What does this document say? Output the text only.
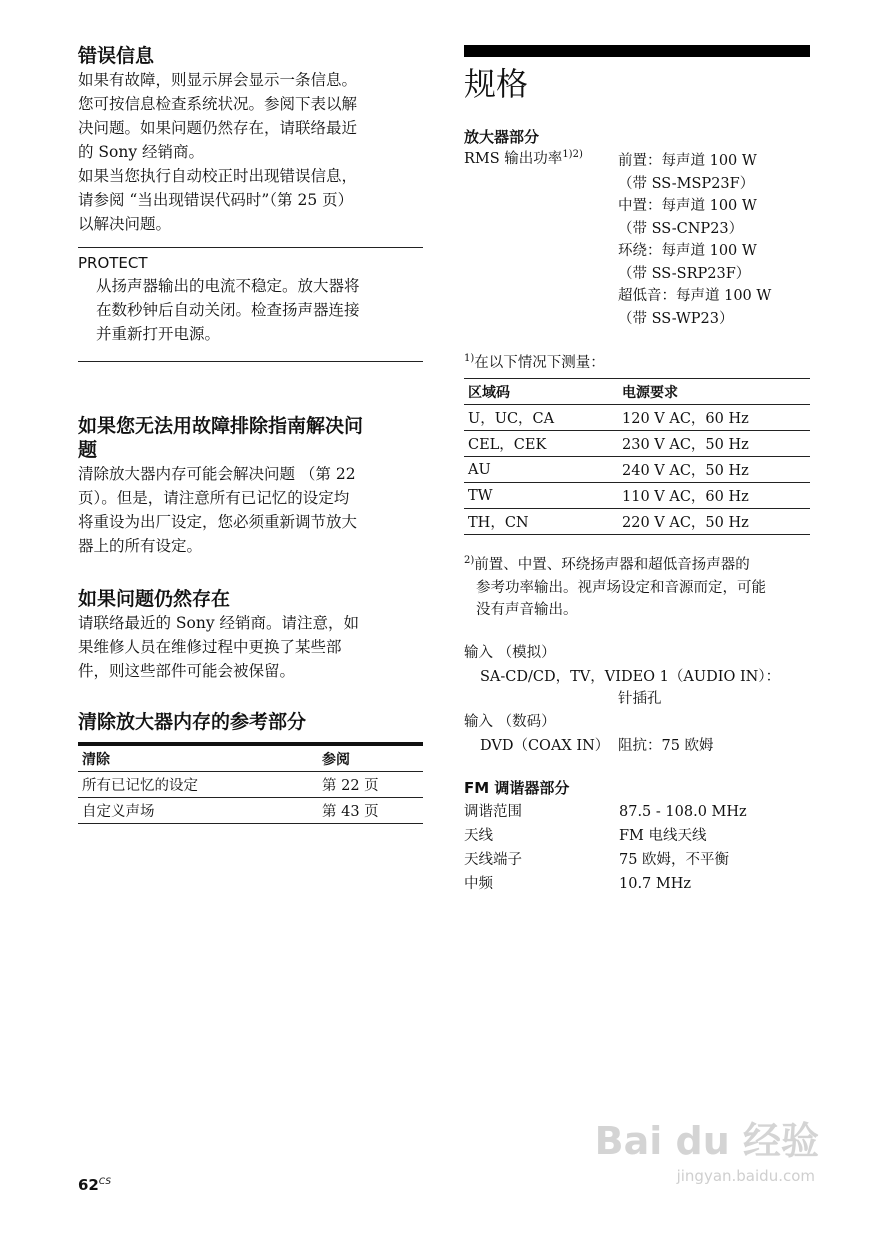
错误信息
如果有故障，则显示屏会显示一条信息。
您可按信息检查系统状况。参阅下表以解
决问题。如果问题仍然存在，请联络最近
的 Sony 经销商。
如果当您执行自动校正时出现错误信息，
请参阅 “当出现错误代码时”（第 25 页）
以解决问题。
PROTECT
从扬声器输出的电流不稳定。放大器将
在数秒钟后自动关闭。检查扬声器连接
并重新打开电源。
如果您无法用故障排除指南解决问
题
清除放大器内存可能会解决问题 （第 22
页）。但是，请注意所有已记忆的设定均
将重设为出厂设定，您必须重新调节放大
器上的所有设定。
如果问题仍然存在
请联络最近的 Sony 经销商。请注意，如
果维修人员在维修过程中更换了某些部
件，则这些部件可能会被保留。
清除放大器内存的参考部分
清除	参阅
所有已记忆的设定	第 22 页
自定义声场	第 43 页
$62^{CS}$
规格
放大器部分
RMS 输出功率$^{1)2)}$ 前置：每声道 100 W
（带 SS-MSP23F）
中置：每声道 100 W
（带 SS-CNP23）
环绕：每声道 100 W
（带 SS-SRP23F）
超低音：每声道 100 W
（带 SS-WP23）
$^{1)}$在以下情况下测量：
区域码	电源要求
U，UC，CA	120 V AC，60 Hz
CEL，CEK	230 V AC，50 Hz
AU	240 V AC，50 Hz
TW	110 V AC，60 Hz
TH，CN	220 V AC，50 Hz
$^{2)}$前置、中置、环绕扬声器和超低音扬声器的
参考功率输出。视声场设定和音源而定，可能
没有声音输出。
输入 （模拟）
SA-CD/CD，TV，VIDEO 1（AUDIO IN）：
针插孔
输入 （数码）
DVD（COAX IN） 阻抗：75 欧姆
FM 调谐器部分
调谐范围	87.5 - 108.0 MHz
天线	FM 电线天线
天线端子	75 欧姆，不平衡
中频	10.7 MHz
Bai du 经验
jingyan.baidu.com
